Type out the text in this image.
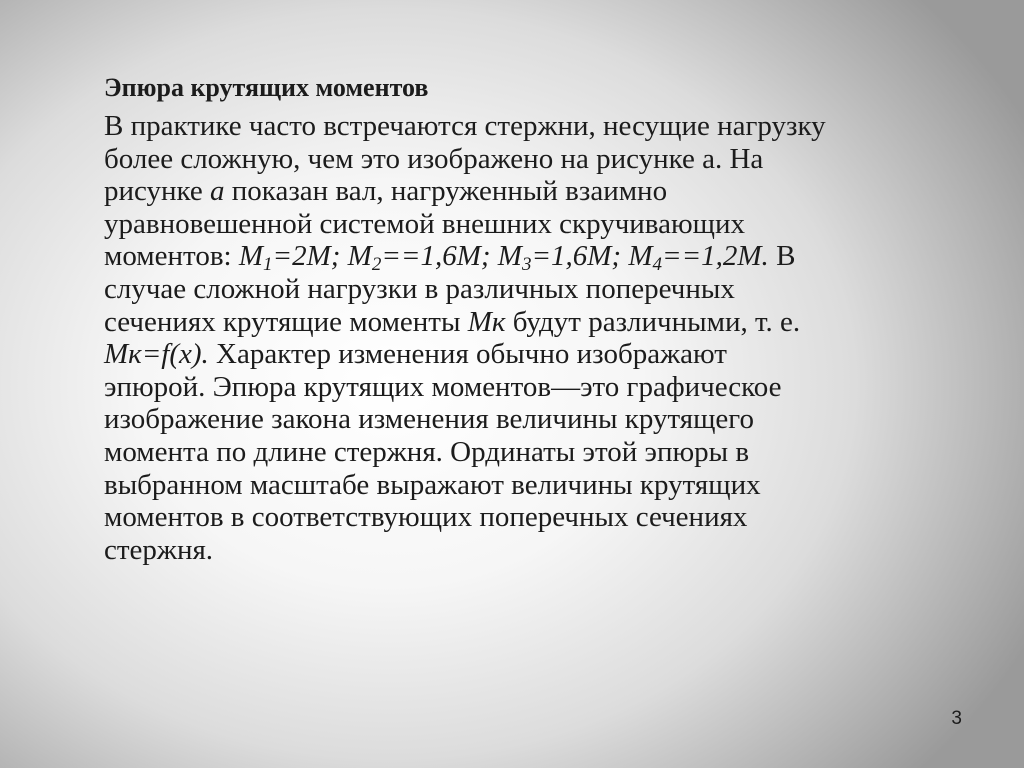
Эпюра крутящих моментов
В практике часто встречаются стержни, несущие нагрузку
более сложную, чем это изображено на рисунке а. На
рисунке а показан вал, нагруженный взаимно
уравновешенной системой внешних скручивающих
моментов: $М_1=2М$; $М_2==1,6М$; $М_3=1,6М$; $М_4==1,2М$. В
случае сложной нагрузки в различных поперечных
сечениях крутящие моменты Мк будут различными, т. е.
Мк=f(x). Характер изменения обычно изображают
эпюрой. Эпюра крутящих моментов—это графическое
изображение закона изменения величины крутящего
момента по длине стержня. Ординаты этой эпюры в
выбранном масштабе выражают величины крутящих
моментов в соответствующих поперечных сечениях
стержня.
3
